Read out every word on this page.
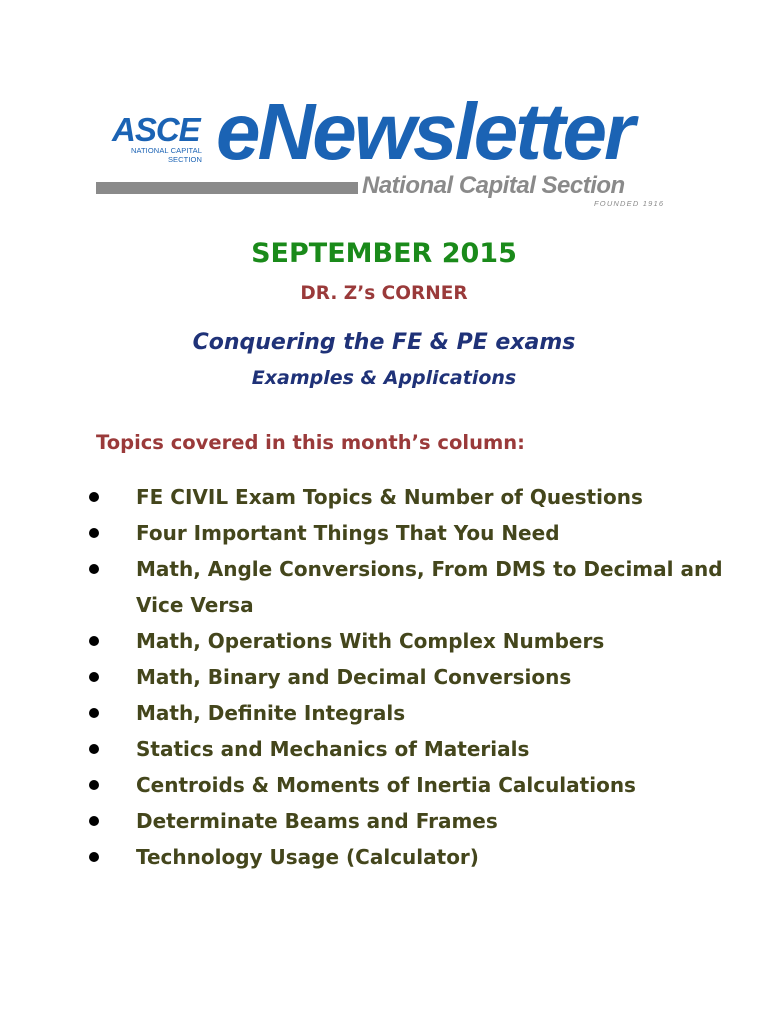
ASCE
NATIONAL CAPITAL
SECTION eNewsletter
National Capital Section
FOUNDED 1916
SEPTEMBER 2015
DR. Z’s CORNER
Conquering the FE & PE exams
Examples & Applications
Topics covered in this month’s column:
FE CIVIL Exam Topics & Number of Questions
Four Important Things That You Need
Math, Angle Conversions, From DMS to Decimal and Vice Versa
Math, Operations With Complex Numbers
Math, Binary and Decimal Conversions
Math, Definite Integrals
Statics and Mechanics of Materials
Centroids & Moments of Inertia Calculations
Determinate Beams and Frames
Technology Usage (Calculator)
